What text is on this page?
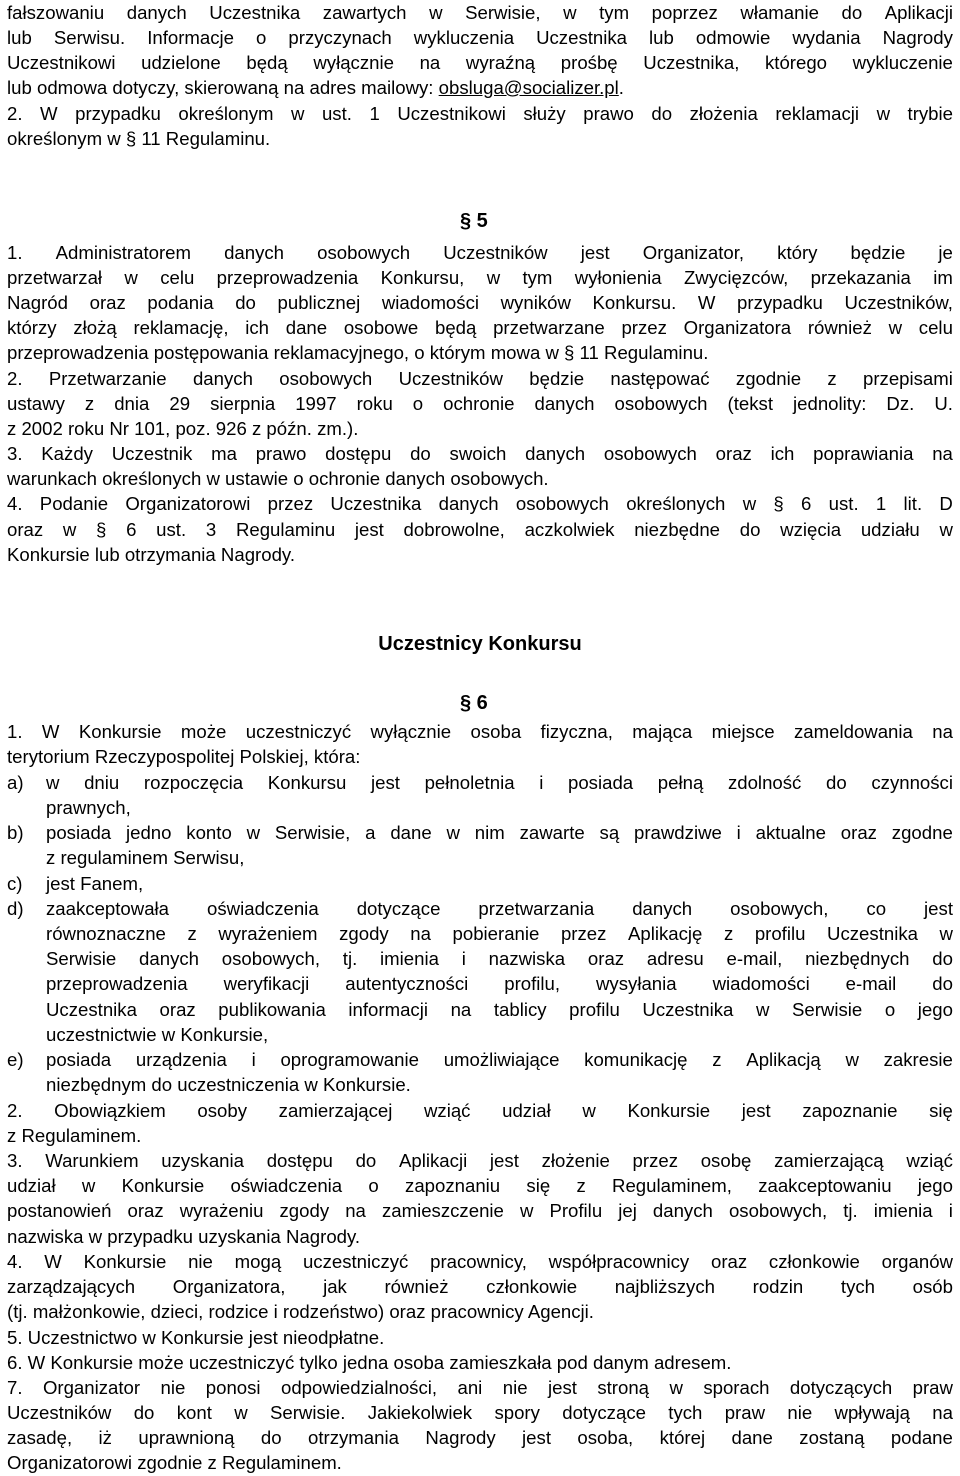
fałszowaniu danych Uczestnika zawartych w Serwisie, w tym poprzez włamanie do Aplikacji
lub Serwisu. Informacje o przyczynach wykluczenia Uczestnika lub odmowie wydania Nagrody
Uczestnikowi udzielone będą wyłącznie na wyraźną prośbę Uczestnika, którego wykluczenie
lub odmowa dotyczy, skierowaną na adres mailowy: obsluga@socializer.pl.
2. W przypadku określonym w ust. 1 Uczestnikowi służy prawo do złożenia reklamacji w trybie
określonym w § 11 Regulaminu.
§ 5
1. Administratorem danych osobowych Uczestników jest Organizator, który będzie je
przetwarzał w celu przeprowadzenia Konkursu, w tym wyłonienia Zwycięzców, przekazania im
Nagród oraz podania do publicznej wiadomości wyników Konkursu. W przypadku Uczestników,
którzy złożą reklamację, ich dane osobowe będą przetwarzane przez Organizatora również w celu
przeprowadzenia postępowania reklamacyjnego, o którym mowa w § 11 Regulaminu.
2. Przetwarzanie danych osobowych Uczestników będzie następować zgodnie z przepisami
ustawy z dnia 29 sierpnia 1997 roku o ochronie danych osobowych (tekst jednolity: Dz. U.
z 2002 roku Nr 101, poz. 926 z późn. zm.).
3. Każdy Uczestnik ma prawo dostępu do swoich danych osobowych oraz ich poprawiania na
warunkach określonych w ustawie o ochronie danych osobowych.
4. Podanie Organizatorowi przez Uczestnika danych osobowych określonych w § 6 ust. 1 lit. D
oraz w § 6 ust. 3 Regulaminu jest dobrowolne, aczkolwiek niezbędne do wzięcia udziału w
Konkursie lub otrzymania Nagrody.
Uczestnicy Konkursu
§ 6
1. W Konkursie może uczestniczyć wyłącznie osoba fizyczna, mająca miejsce zameldowania na
terytorium Rzeczypospolitej Polskiej, która:
a) w dniu rozpoczęcia Konkursu jest pełnoletnia i posiada pełną zdolność do czynności
prawnych,
b) posiada jedno konto w Serwisie, a dane w nim zawarte są prawdziwe i aktualne oraz zgodne
z regulaminem Serwisu,
c) jest Fanem,
d) zaakceptowała oświadczenia dotyczące przetwarzania danych osobowych, co jest
równoznaczne z wyrażeniem zgody na pobieranie przez Aplikację z profilu Uczestnika w
Serwisie danych osobowych, tj. imienia i nazwiska oraz adresu e-mail, niezbędnych do
przeprowadzenia weryfikacji autentyczności profilu, wysyłania wiadomości e-mail do
Uczestnika oraz publikowania informacji na tablicy profilu Uczestnika w Serwisie o jego
uczestnictwie w Konkursie,
e) posiada urządzenia i oprogramowanie umożliwiające komunikację z Aplikacją w zakresie
niezbędnym do uczestniczenia w Konkursie.
2. Obowiązkiem osoby zamierzającej wziąć udział w Konkursie jest zapoznanie się
z Regulaminem.
3. Warunkiem uzyskania dostępu do Aplikacji jest złożenie przez osobę zamierzającą wziąć
udział w Konkursie oświadczenia o zapoznaniu się z Regulaminem, zaakceptowaniu jego
postanowień oraz wyrażeniu zgody na zamieszczenie w Profilu jej danych osobowych, tj. imienia i
nazwiska w przypadku uzyskania Nagrody.
4. W Konkursie nie mogą uczestniczyć pracownicy, współpracownicy oraz członkowie organów
zarządzających Organizatora, jak również członkowie najbliższych rodzin tych osób
(tj. małżonkowie, dzieci, rodzice i rodzeństwo) oraz pracownicy Agencji.
5. Uczestnictwo w Konkursie jest nieodpłatne.
6. W Konkursie może uczestniczyć tylko jedna osoba zamieszkała pod danym adresem.
7. Organizator nie ponosi odpowiedzialności, ani nie jest stroną w sporach dotyczących praw
Uczestników do kont w Serwisie. Jakiekolwiek spory dotyczące tych praw nie wpływają na
zasadę, iż uprawnioną do otrzymania Nagrody jest osoba, której dane zostaną podane
Organizatorowi zgodnie z Regulaminem.
